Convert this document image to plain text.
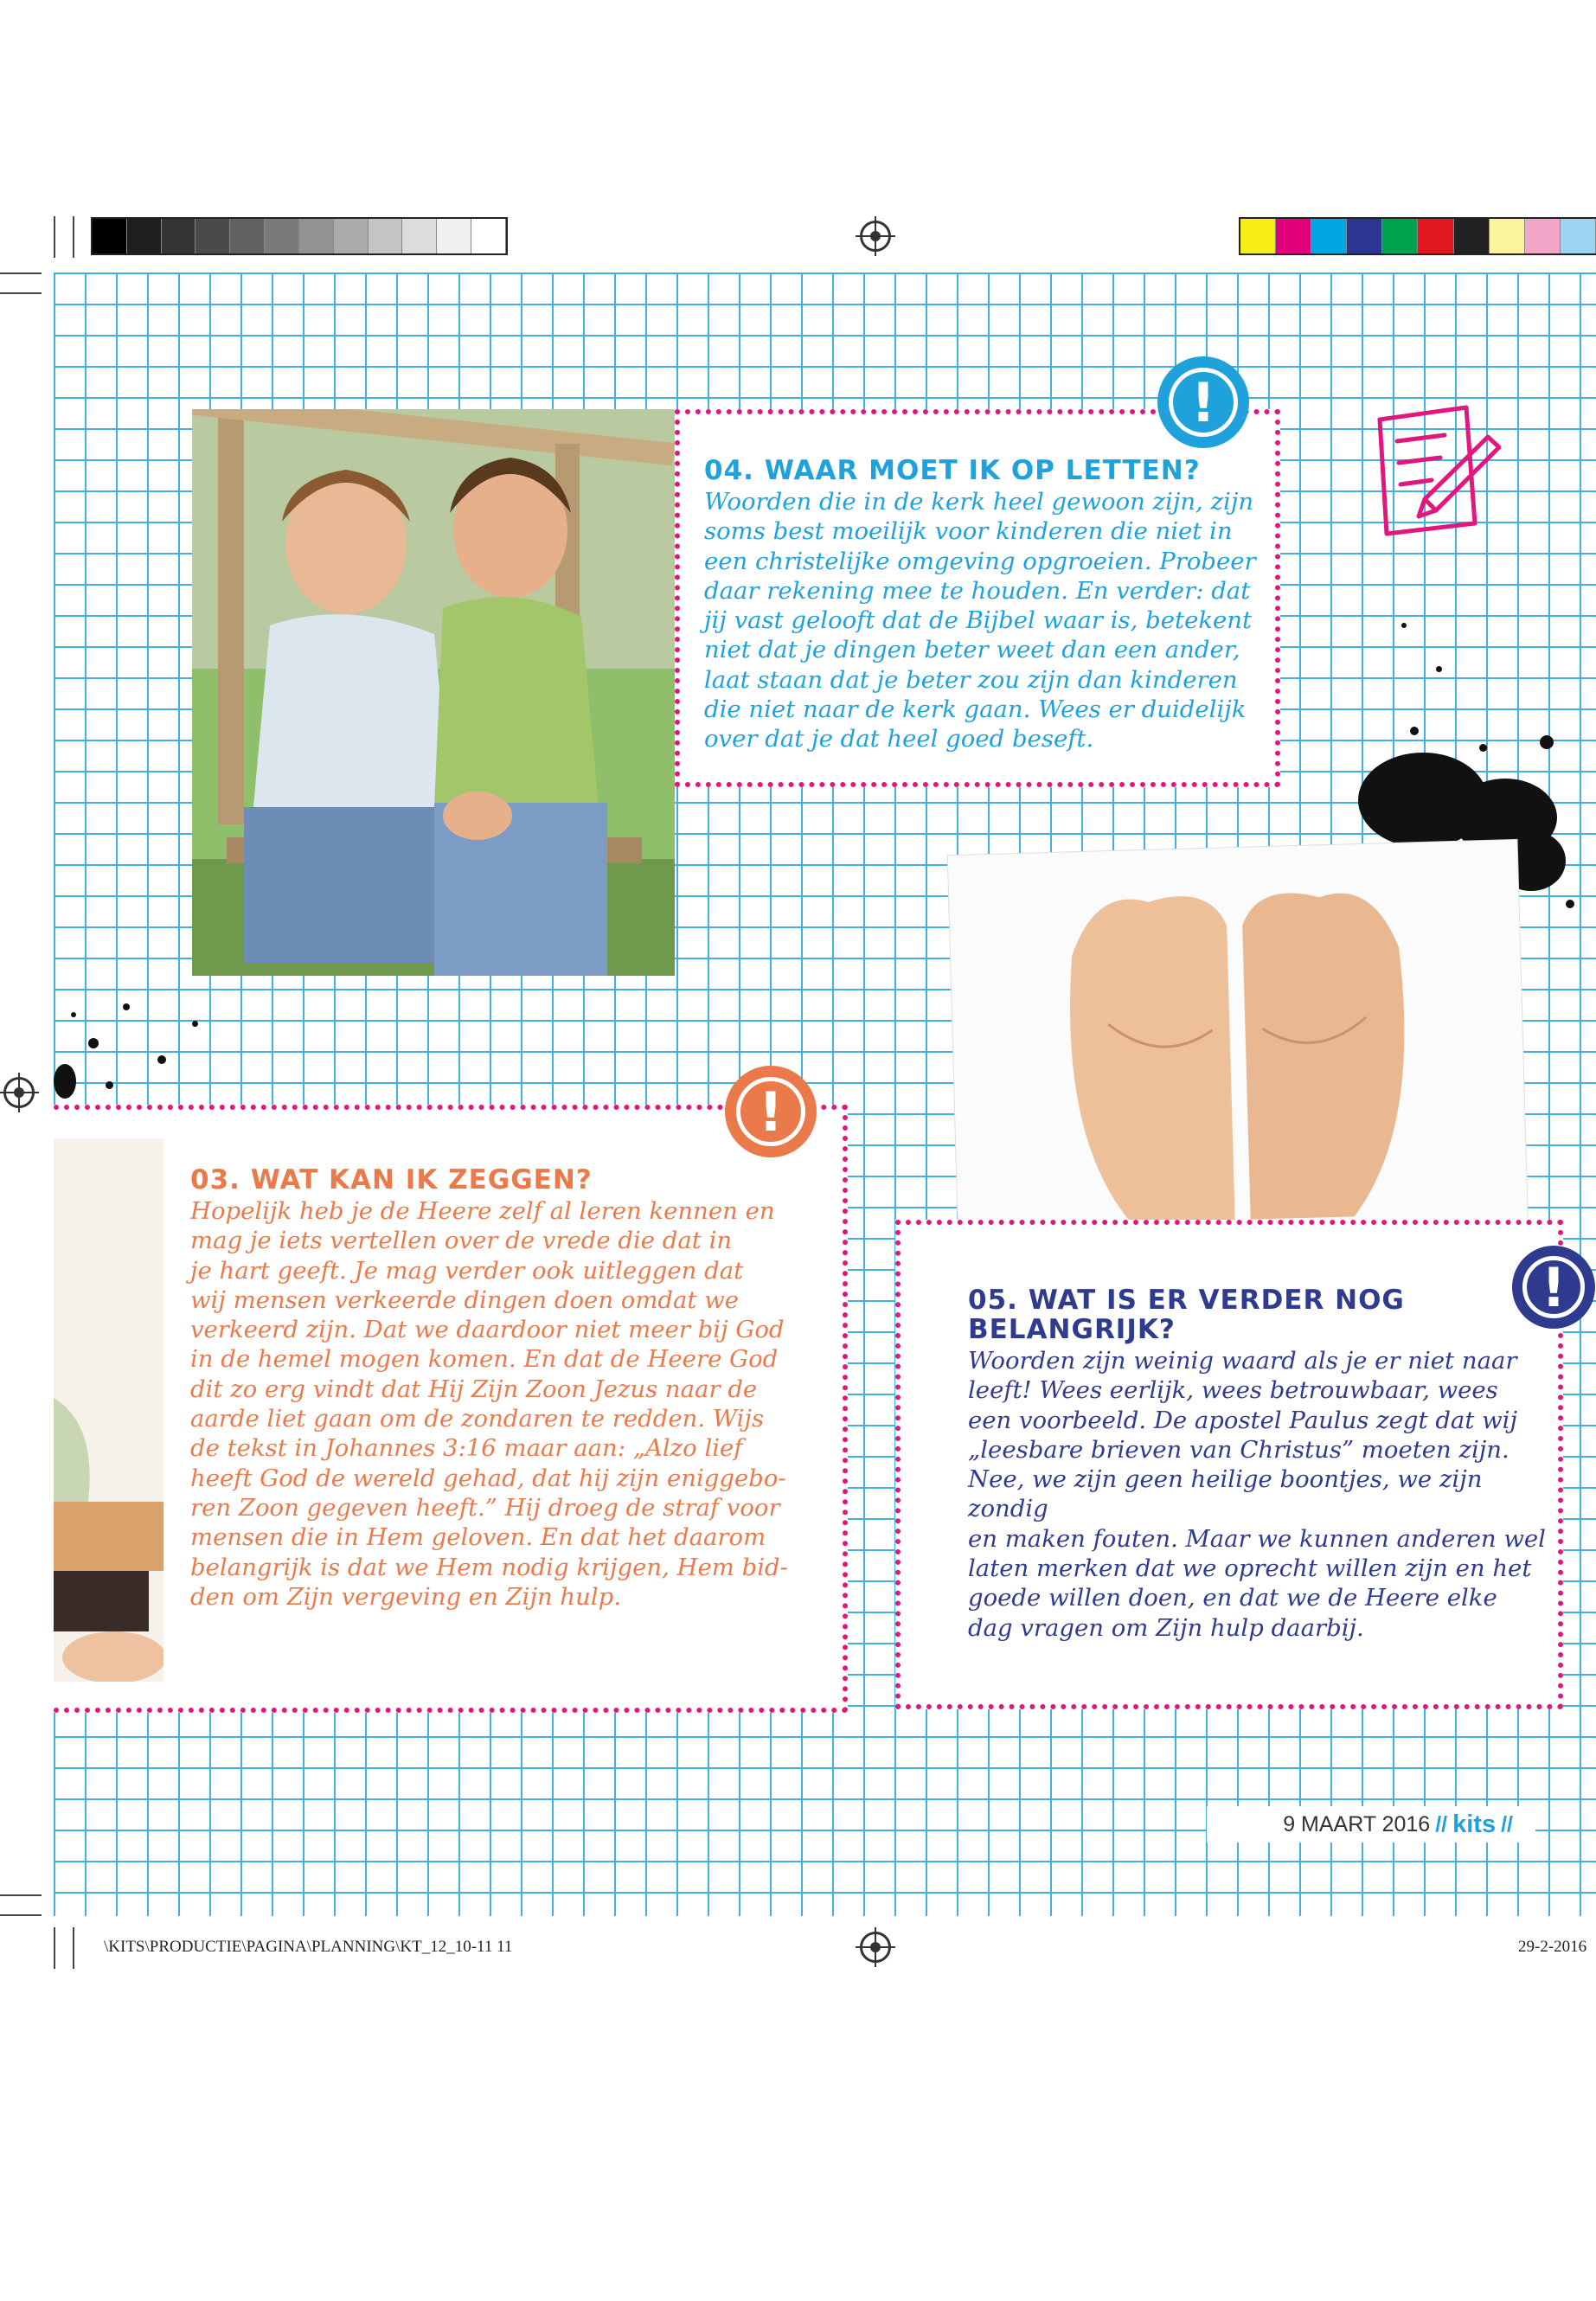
04. WAAR MOET IK OP LETTEN?
Woorden die in de kerk heel gewoon zijn, zijn
soms best moeilijk voor kinderen die niet in
een christelijke omgeving opgroeien. Probeer
daar rekening mee te houden. En verder: dat
jij vast gelooft dat de Bijbel waar is, betekent
niet dat je dingen beter weet dan een ander,
laat staan dat je beter zou zijn dan kinderen
die niet naar de kerk gaan. Wees er duidelijk
over dat je dat heel goed beseft.
!
03. WAT KAN IK ZEGGEN?
Hopelijk heb je de Heere zelf al leren kennen en
mag je iets vertellen over de vrede die dat in
je hart geeft. Je mag verder ook uitleggen dat
wij mensen verkeerde dingen doen omdat we
verkeerd zijn. Dat we daardoor niet meer bij God
in de hemel mogen komen. En dat de Heere God
dit zo erg vindt dat Hij Zijn Zoon Jezus naar de
aarde liet gaan om de zondaren te redden. Wijs
de tekst in Johannes 3:16 maar aan: „Alzo lief
heeft God de wereld gehad, dat hij zijn eniggebo-
ren Zoon gegeven heeft.” Hij droeg de straf voor
mensen die in Hem geloven. En dat het daarom
belangrijk is dat we Hem nodig krijgen, Hem bid-
den om Zijn vergeving en Zijn hulp.
!
05. WAT IS ER VERDER NOG
BELANGRIJK?
Woorden zijn weinig waard als je er niet naar
leeft! Wees eerlijk, wees betrouwbaar, wees
een voorbeeld. De apostel Paulus zegt dat wij
„leesbare brieven van Christus” moeten zijn.
Nee, we zijn geen heilige boontjes, we zijn zondig
en maken fouten. Maar we kunnen anderen wel
laten merken dat we oprecht willen zijn en het
goede willen doen, en dat we de Heere elke
dag vragen om Zijn hulp daarbij.
!
9 MAART 2016 // kits //
\KITS\PRODUCTIE\PAGINA\PLANNING\KT_12_10-11 11	29-2-2016
